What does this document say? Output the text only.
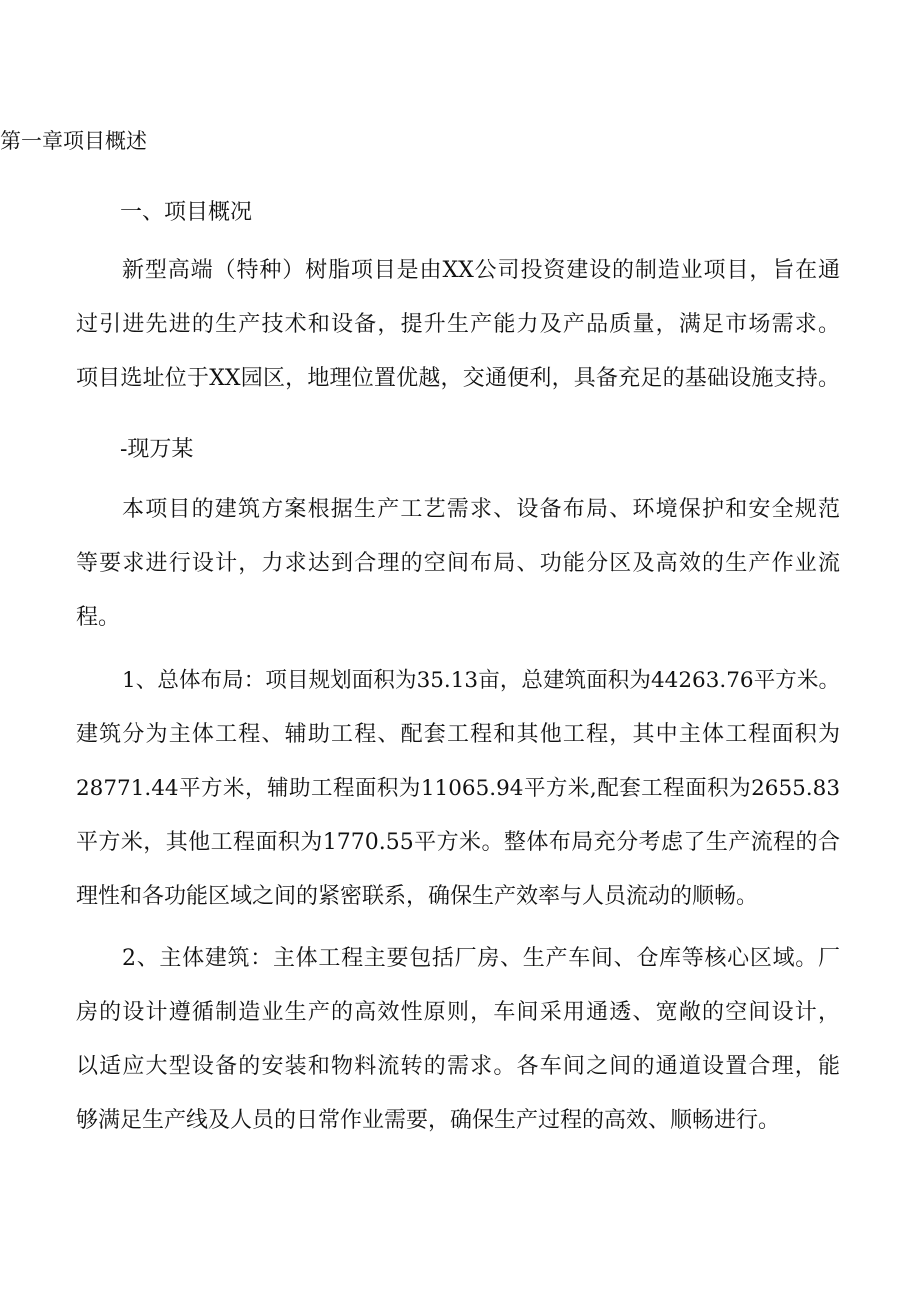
第一章项目概述
一、项目概况
新型高端（特种）树脂项目是由XX公司投资建设的制造业项目，旨在通
过引进先进的生产技术和设备，提升生产能力及产品质量，满足市场需求。
项目选址位于XX园区，地理位置优越，交通便利，具备充足的基础设施支持。
-现万某
本项目的建筑方案根据生产工艺需求、设备布局、环境保护和安全规范
等要求进行设计，力求达到合理的空间布局、功能分区及高效的生产作业流
程。
1、总体布局：项目规划面积为35.13亩，总建筑面积为44263.76平方米。
建筑分为主体工程、辅助工程、配套工程和其他工程，其中主体工程面积为
28771.44平方米，辅助工程面积为11065.94平方米,配套工程面积为2655.83
平方米，其他工程面积为1770.55平方米。整体布局充分考虑了生产流程的合
理性和各功能区域之间的紧密联系，确保生产效率与人员流动的顺畅。
2、主体建筑：主体工程主要包括厂房、生产车间、仓库等核心区域。厂
房的设计遵循制造业生产的高效性原则，车间采用通透、宽敞的空间设计，
以适应大型设备的安装和物料流转的需求。各车间之间的通道设置合理，能
够满足生产线及人员的日常作业需要，确保生产过程的高效、顺畅进行。
